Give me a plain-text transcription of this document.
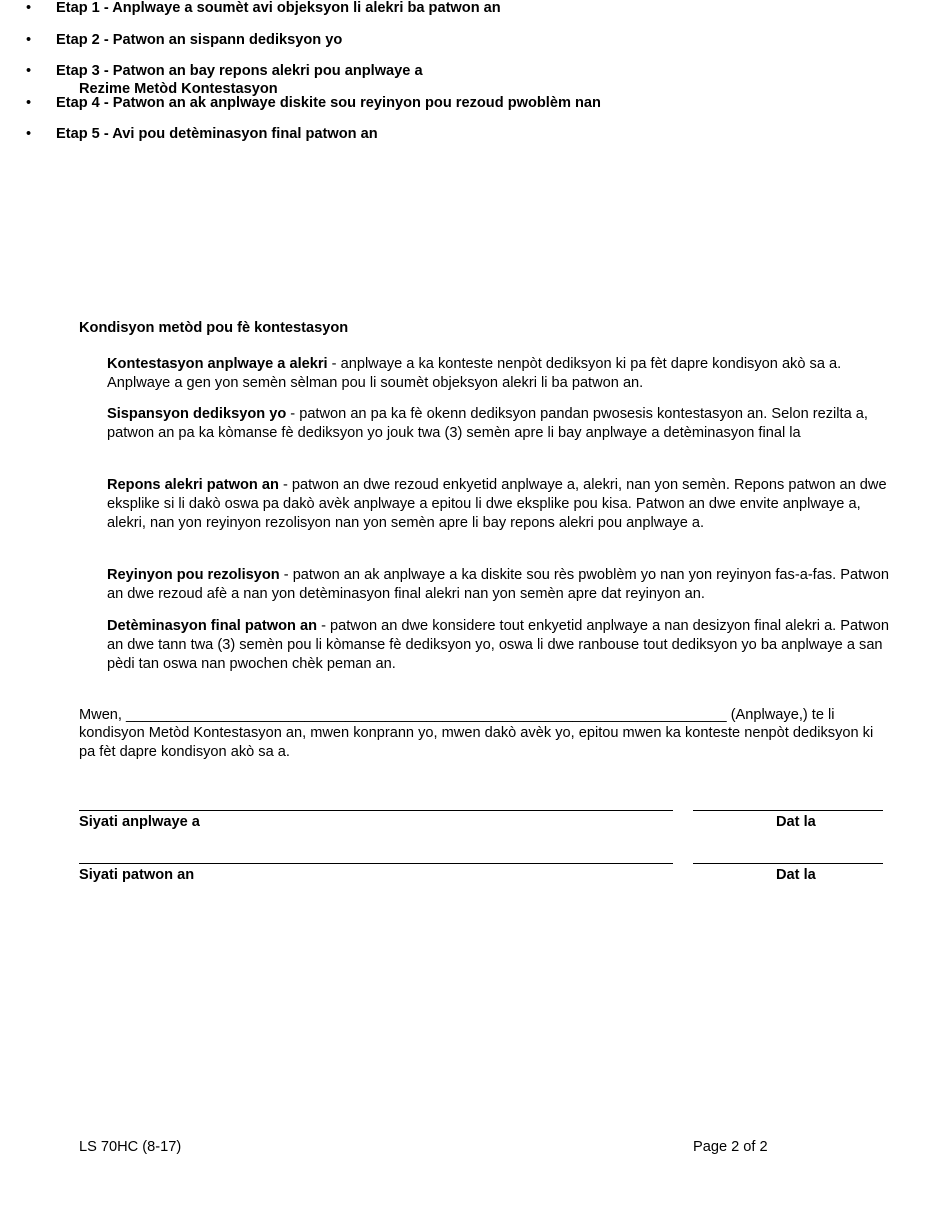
Rezime Metòd Kontestasyon
• Etap 1 - Anplwaye a soumèt avi objeksyon li alekri ba patwon an
• Etap 2 - Patwon an sispann dediksyon yo
• Etap 3 - Patwon an bay repons alekri pou anplwaye a
• Etap 4 - Patwon an ak anplwaye diskite sou reyinyon pou rezoud pwoblèm nan
• Etap 5 - Avi pou detèminasyon final patwon an
Kondisyon metòd pou fè kontestasyon
Kontestasyon anplwaye a alekri - anplwaye a ka konteste nenpòt dediksyon ki pa fèt dapre kondisyon akò sa a. Anplwaye a gen yon semèn sèlman pou li soumèt objeksyon alekri li ba patwon an.
Sispansyon dediksyon yo - patwon an pa ka fè okenn dediksyon pandan pwosesis kontestasyon an. Selon rezilta a, patwon an pa ka kòmanse fè dediksyon yo jouk twa (3) semèn apre li bay anplwaye a detèminasyon final la
Repons alekri patwon an - patwon an dwe rezoud enkyetid anplwaye a, alekri, nan yon semèn. Repons patwon an dwe eksplike si li dakò oswa pa dakò avèk anplwaye a epitou li dwe eksplike pou kisa. Patwon an dwe envite anplwaye a, alekri, nan yon reyinyon rezolisyon nan yon semèn apre li bay repons alekri pou anplwaye a.
Reyinyon pou rezolisyon - patwon an ak anplwaye a ka diskite sou rès pwoblèm yo nan yon reyinyon fas-a-fas. Patwon an dwe rezoud afè a nan yon detèminasyon final alekri nan yon semèn apre dat reyinyon an.
Detèminasyon final patwon an - patwon an dwe konsidere tout enkyetid anplwaye a nan desizyon final alekri a. Patwon an dwe tann twa (3) semèn pou li kòmanse fè dediksyon yo, oswa li dwe ranbouse tout dediksyon yo ba anplwaye a san pèdi tan oswa nan pwochen chèk peman an.
Mwen, __________________________________________________________________________ (Anplwaye,) te li kondisyon Metòd Kontestasyon an, mwen konprann yo, mwen dakò avèk yo, epitou mwen ka konteste nenpòt dediksyon ki pa fèt dapre kondisyon akò sa a.
Siyati anplwaye a	Dat la
Siyati patwon an	Dat la
LS 70HC (8-17)	Page 2 of 2
